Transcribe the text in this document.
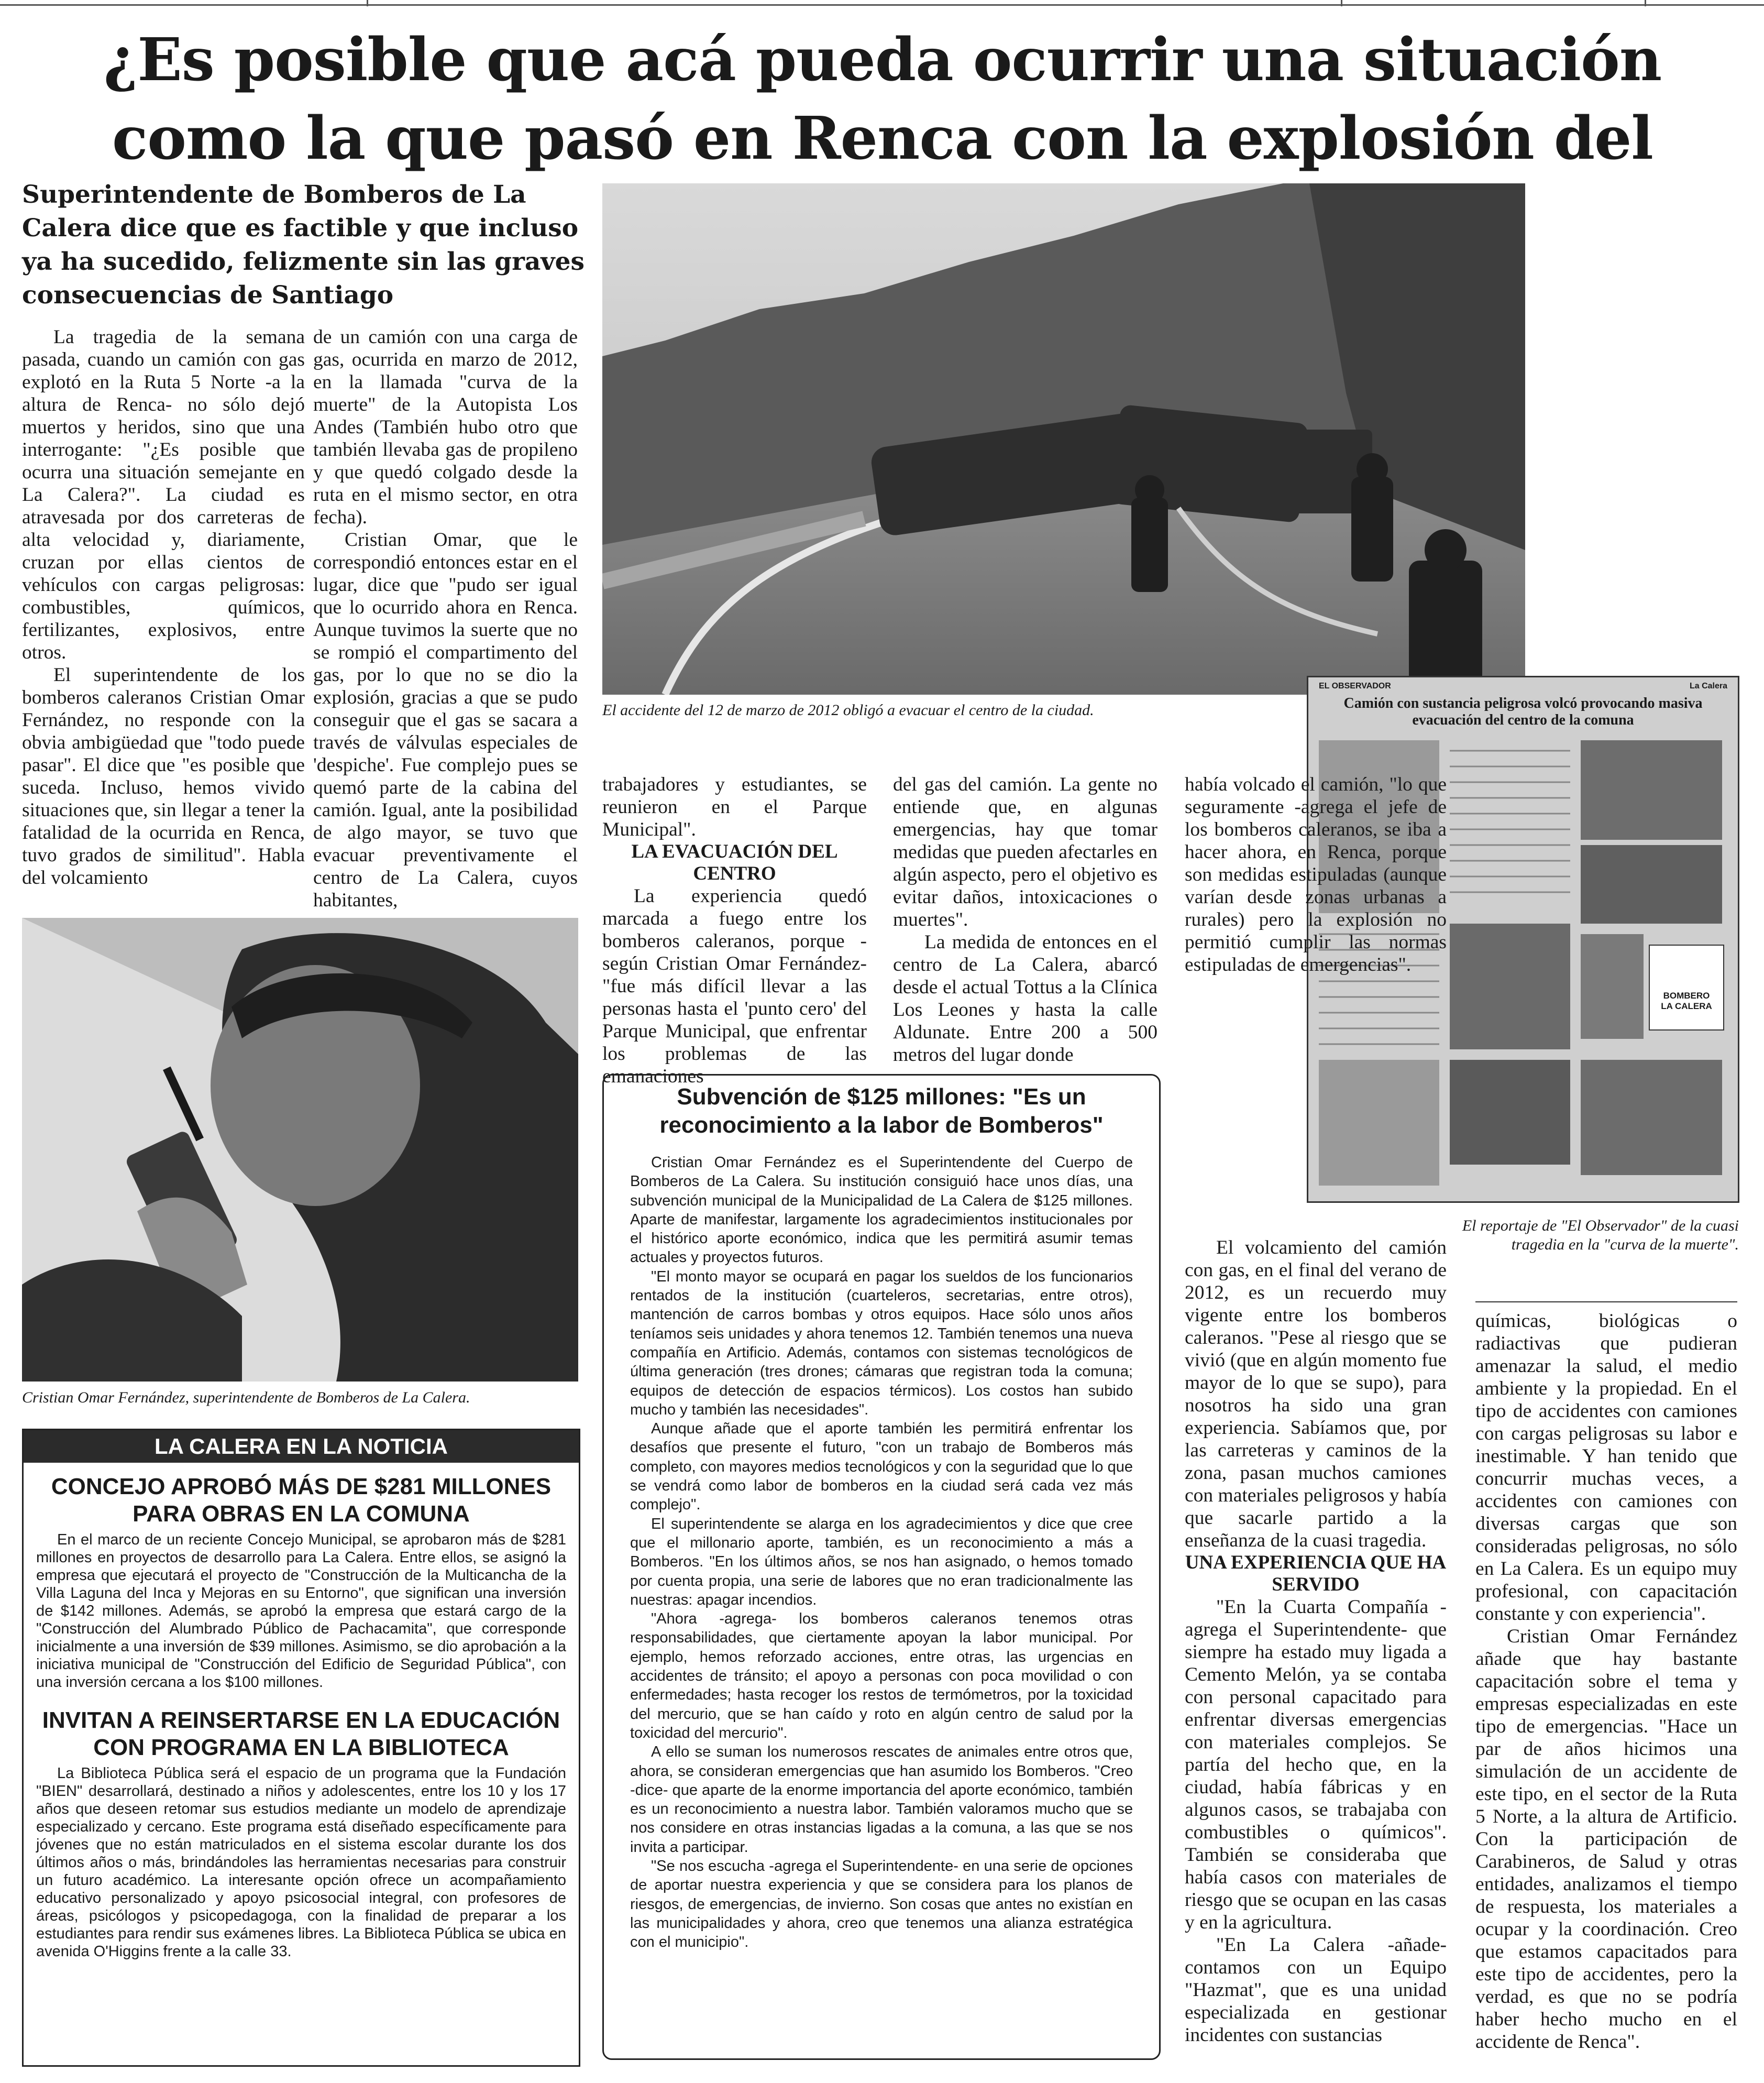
¿Es posible que acá pueda ocurrir una situación como la que pasó en Renca con la explosión del
Superintendente de Bomberos de La Calera dice que es factible y que incluso ya ha sucedido, felizmente sin las graves consecuencias de Santiago

La tragedia de la semana pasada, cuando un camión con gas explotó en la Ruta 5 Norte -a la altura de Renca- no sólo dejó muertos y heridos, sino que una interrogante: "¿Es posible que ocurra una situación semejante en La Calera?". La ciudad es atravesada por dos carreteras de alta velocidad y, diariamente, cruzan por ellas cientos de vehículos con cargas peligrosas: combustibles, químicos, fertilizantes, explosivos, entre otros.

El superintendente de los bomberos caleranos Cristian Omar Fernández, no responde con la obvia ambigüedad que "todo puede pasar". El dice que "es posible que suceda. Incluso, hemos vivido situaciones que, sin llegar a tener la fatalidad de la ocurrida en Renca, tuvo grados de similitud". Habla del volcamiento

de un camión con una carga de gas, ocurrida en marzo de 2012, en la llamada "curva de la muerte" de la Autopista Los Andes (También hubo otro que también llevaba gas de propileno y que quedó colgado desde la ruta en el mismo sector, en otra fecha).

Cristian Omar, que le correspondió entonces estar en el lugar, dice que "pudo ser igual que lo ocurrido ahora en Renca. Aunque tuvimos la suerte que no se rompió el compartimento del gas, por lo que no se dio la explosión, gracias a que se pudo conseguir que el gas se sacara a través de válvulas especiales de 'despiche'. Fue complejo pues se quemó parte de la cabina del camión. Igual, ante la posibilidad de algo mayor, se tuvo que evacuar preventivamente el centro de La Calera, cuyos habitantes,

El accidente del 12 de marzo de 2012 obligó a evacuar el centro de la ciudad.
EL OBSERVADOR	La Calera
Camión con sustancia peligrosa volcó provocando masiva evacuación del centro de la comuna
BOMBERO
LA CALERA
El reportaje de "El Observador" de la cuasi tragedia en la "curva de la muerte".

trabajadores y estudiantes, se reunieron en el Parque Municipal".

LA EVACUACIÓN DEL CENTRO

La experiencia quedó marcada a fuego entre los bomberos caleranos, porque -según Cristian Omar Fernández- "fue más difícil llevar a las personas hasta el 'punto cero' del Parque Municipal, que enfrentar los problemas de las emanaciones

del gas del camión. La gente no entiende que, en algunas emergencias, hay que tomar medidas que pueden afectarles en algún aspecto, pero el objetivo es evitar daños, intoxicaciones o muertes".

La medida de entonces en el centro de La Calera, abarcó desde el actual Tottus a la Clínica Los Leones y hasta la calle Aldunate. Entre 200 a 500 metros del lugar donde

había volcado el camión, "lo que seguramente -agrega el jefe de los bomberos caleranos, se iba a hacer ahora, en Renca, porque son medidas estipuladas (aunque varían desde zonas urbanas a rurales) pero la explosión no permitió cumplir las normas estipuladas de emergencias".

El volcamiento del camión con gas, en el final del verano de 2012, es un recuerdo muy vigente entre los bomberos caleranos. "Pese al riesgo que se vivió (que en algún momento fue mayor de lo que se supo), para nosotros ha sido una gran experiencia. Sabíamos que, por las carreteras y caminos de la zona, pasan muchos camiones con materiales peligrosos y había que sacarle partido a la enseñanza de la cuasi tragedia.

UNA EXPERIENCIA QUE HA SERVIDO

"En la Cuarta Compañía -agrega el Superintendente- que siempre ha estado muy ligada a Cemento Melón, ya se contaba con personal capacitado para enfrentar diversas emergencias con materiales complejos. Se partía del hecho que, en la ciudad, había fábricas y en algunos casos, se trabajaba con combustibles o químicos". También se consideraba que había casos con materiales de riesgo que se ocupan en las casas y en la agricultura.

"En La Calera -añade- contamos con un Equipo "Hazmat", que es una unidad especializada en gestionar incidentes con sustancias

químicas, biológicas o radiactivas que pudieran amenazar la salud, el medio ambiente y la propiedad. En el tipo de accidentes con camiones con cargas peligrosas su labor e inestimable. Y han tenido que concurrir muchas veces, a accidentes con camiones con diversas cargas que son consideradas peligrosas, no sólo en La Calera. Es un equipo muy profesional, con capacitación constante y con experiencia".

Cristian Omar Fernández añade que hay bastante capacitación sobre el tema y empresas especializadas en este tipo de emergencias. "Hace un par de años hicimos una simulación de un accidente de este tipo, en el sector de la Ruta 5 Norte, a la altura de Artificio. Con la participación de Carabineros, de Salud y otras entidades, analizamos el tiempo de respuesta, los materiales a ocupar y la coordinación. Creo que estamos capacitados para este tipo de accidentes, pero la verdad, es que no se podría haber hecho mucho en el accidente de Renca".

Cristian Omar Fernández, superintendente de Bomberos de La Calera.
LA CALERA EN LA NOTICIA
CONCEJO APROBÓ MÁS DE $281 MILLONES PARA OBRAS EN LA COMUNA
En el marco de un reciente Concejo Municipal, se aprobaron más de $281 millones en proyectos de desarrollo para La Calera. Entre ellos, se asignó la empresa que ejecutará el proyecto de "Construcción de la Multicancha de la Villa Laguna del Inca y Mejoras en su Entorno", que significan una inversión de $142 millones. Además, se aprobó la empresa que estará cargo de la "Construcción del Alumbrado Público de Pachacamita", que corresponde inicialmente a una inversión de $39 millones. Asimismo, se dio aprobación a la iniciativa municipal de "Construcción del Edificio de Seguridad Pública", con una inversión cercana a los $100 millones.
INVITAN A REINSERTARSE EN LA EDUCACIÓN CON PROGRAMA EN LA BIBLIOTECA
La Biblioteca Pública será el espacio de un programa que la Fundación "BIEN" desarrollará, destinado a niños y adolescentes, entre los 10 y los 17 años que deseen retomar sus estudios mediante un modelo de aprendizaje especializado y cercano. Este programa está diseñado específicamente para jóvenes que no están matriculados en el sistema escolar durante los dos últimos años o más, brindándoles las herramientas necesarias para construir un futuro académico. La interesante opción ofrece un acompañamiento educativo personalizado y apoyo psicosocial integral, con profesores de áreas, psicólogos y psicopedagoga, con la finalidad de preparar a los estudiantes para rendir sus exámenes libres. La Biblioteca Pública se ubica en avenida O'Higgins frente a la calle 33.
Subvención de $125 millones: "Es un reconocimiento a la labor de Bomberos"

Cristian Omar Fernández es el Superintendente del Cuerpo de Bomberos de La Calera. Su institución consiguió hace unos días, una subvención municipal de la Municipalidad de La Calera de $125 millones. Aparte de manifestar, largamente los agradecimientos institucionales por el histórico aporte económico, indica que les permitirá asumir temas actuales y proyectos futuros.

"El monto mayor se ocupará en pagar los sueldos de los funcionarios rentados de la institución (cuarteleros, secretarias, entre otros), mantención de carros bombas y otros equipos. Hace sólo unos años teníamos seis unidades y ahora tenemos 12. También tenemos una nueva compañía en Artificio. Además, contamos con sistemas tecnológicos de última generación (tres drones; cámaras que registran toda la comuna; equipos de detección de espacios térmicos). Los costos han subido mucho y también las necesidades".

Aunque añade que el aporte también les permitirá enfrentar los desafíos que presente el futuro, "con un trabajo de Bomberos más completo, con mayores medios tecnológicos y con la seguridad que lo que se vendrá como labor de bomberos en la ciudad será cada vez más complejo".

El superintendente se alarga en los agradecimientos y dice que cree que el millonario aporte, también, es un reconocimiento a más a Bomberos. "En los últimos años, se nos han asignado, o hemos tomado por cuenta propia, una serie de labores que no eran tradicionalmente las nuestras: apagar incendios.

"Ahora -agrega- los bomberos caleranos tenemos otras responsabilidades, que ciertamente apoyan la labor municipal. Por ejemplo, hemos reforzado acciones, entre otras, las urgencias en accidentes de tránsito; el apoyo a personas con poca movilidad o con enfermedades; hasta recoger los restos de termómetros, por la toxicidad del mercurio, que se han caído y roto en algún centro de salud por la toxicidad del mercurio".

A ello se suman los numerosos rescates de animales entre otros que, ahora, se consideran emergencias que han asumido los Bomberos. "Creo -dice- que aparte de la enorme importancia del aporte económico, también es un reconocimiento a nuestra labor. También valoramos mucho que se nos considere en otras instancias ligadas a la comuna, a las que se nos invita a participar.

"Se nos escucha -agrega el Superintendente- en una serie de opciones de aportar nuestra experiencia y que se considera para los planos de riesgos, de emergencias, de invierno. Son cosas que antes no existían en las municipalidades y ahora, creo que tenemos una alianza estratégica con el municipio".
